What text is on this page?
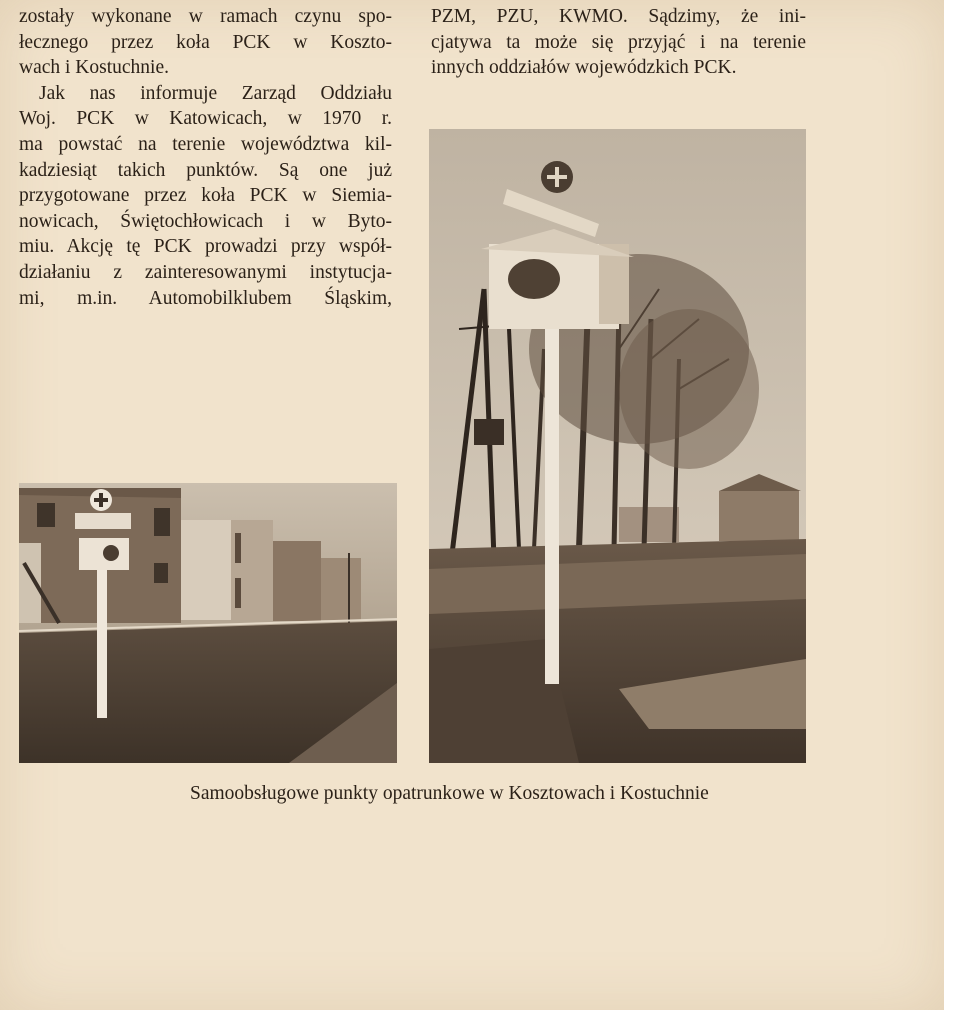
zostały wykonane w ramach czynu spo-
łecznego przez koła PCK w Koszto-
wach i Kostuchnie.
Jak nas informuje Zarząd Oddziału
Woj. PCK w Katowicach, w 1970 r.
ma powstać na terenie województwa kil-
kadziesiąt takich punktów. Są one już
przygotowane przez koła PCK w Siemia-
nowicach, Świętochłowicach i w Byto-
miu. Akcję tę PCK prowadzi przy współ-
działaniu z zainteresowanymi instytucja-
mi, m.in. Automobilklubem Śląskim,
PZM, PZU, KWMO. Sądzimy, że ini-
cjatywa ta może się przyjąć i na terenie
innych oddziałów wojewódzkich PCK.
Samoobsługowe punkty opatrunkowe w Kosztowach i Kostuchnie
